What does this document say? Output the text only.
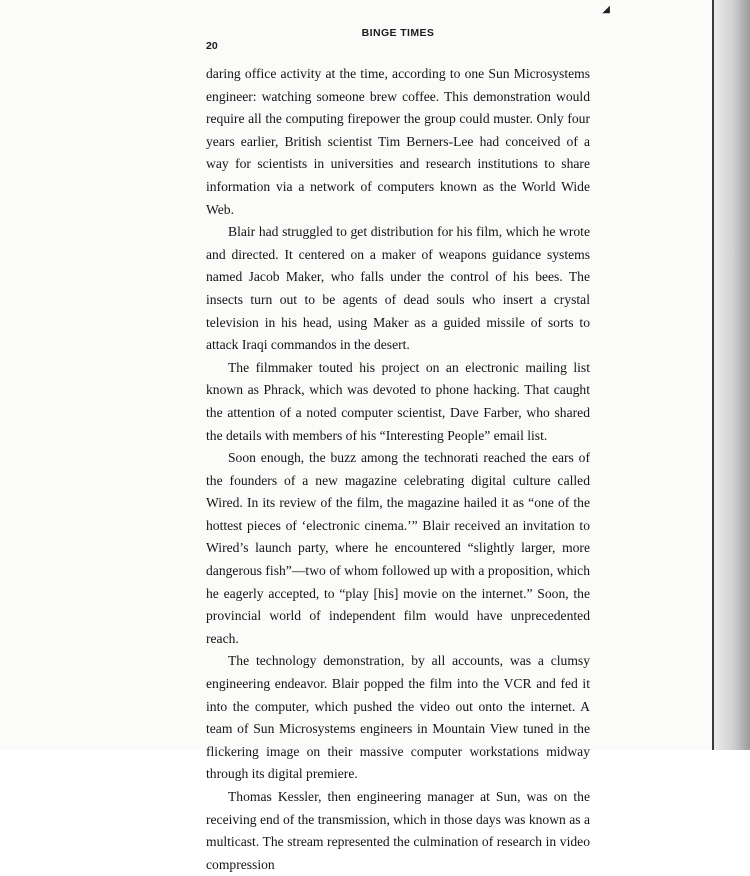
◢
BINGE TIMES
20

daring office activity at the time, according to one Sun Microsystems engineer: watching someone brew coffee. This demonstration would require all the computing firepower the group could muster. Only four years earlier, British scientist Tim Berners-Lee had conceived of a way for scientists in universities and research institutions to share information via a network of computers known as the World Wide Web.

Blair had struggled to get distribution for his film, which he wrote and directed. It centered on a maker of weapons guidance systems named Jacob Maker, who falls under the control of his bees. The insects turn out to be agents of dead souls who insert a crystal television in his head, using Maker as a guided missile of sorts to attack Iraqi commandos in the desert.

The filmmaker touted his project on an electronic mailing list known as Phrack, which was devoted to phone hacking. That caught the attention of a noted computer scientist, Dave Farber, who shared the details with members of his “Interesting People” email list.

Soon enough, the buzz among the technorati reached the ears of the founders of a new magazine celebrating digital culture called Wired. In its review of the film, the magazine hailed it as “one of the hottest pieces of ‘electronic cinema.’” Blair received an invitation to Wired’s launch party, where he encountered “slightly larger, more dangerous fish”—two of whom followed up with a proposition, which he eagerly accepted, to “play [his] movie on the internet.” Soon, the provincial world of independent film would have unprecedented reach.

The technology demonstration, by all accounts, was a clumsy engineering endeavor. Blair popped the film into the VCR and fed it into the computer, which pushed the video out onto the internet. A team of Sun Microsystems engineers in Mountain View tuned in the flickering image on their massive computer workstations midway through its digital premiere.

Thomas Kessler, then engineering manager at Sun, was on the receiving end of the transmission, which in those days was known as a multicast. The stream represented the culmination of research in video compression
